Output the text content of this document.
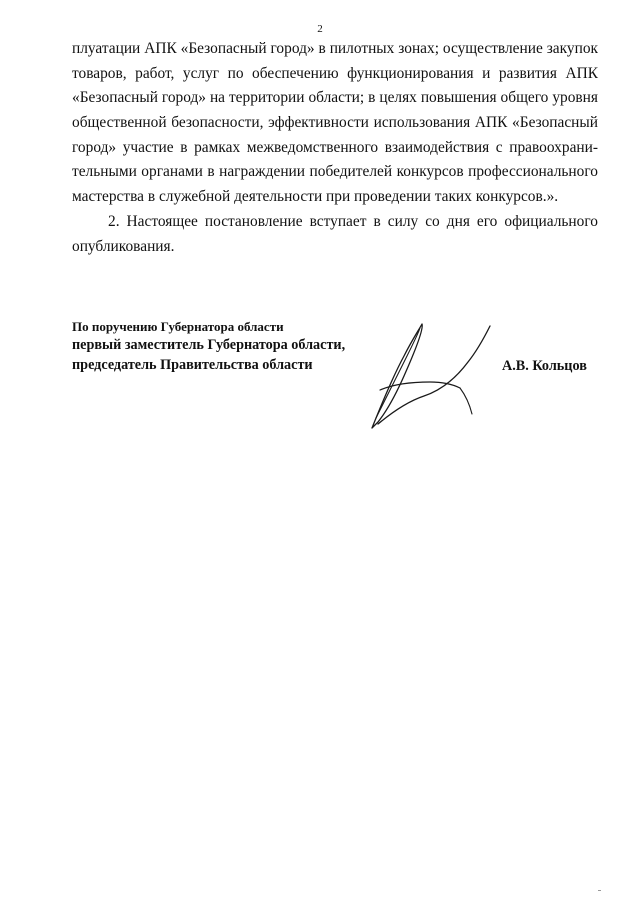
2
плуатации АПК «Безопасный город» в пилотных зонах; осуществление закупок
товаров, работ, услуг по обеспечению функционирования и развития АПК
«Безопасный город» на территории области; в целях повышения общего уровня
общественной безопасности, эффективности использования АПК «Безопасный
город» участие в рамках межведомственного взаимодействия с правоохрани-
тельными органами в награждении победителей конкурсов профессионального
мастерства в служебной деятельности при проведении таких конкурсов.».
2. Настоящее постановление вступает в силу со дня его официального
опубликования.
По поручению Губернатора области
первый заместитель Губернатора области,
председатель Правительства области	А.В. Кольцов
